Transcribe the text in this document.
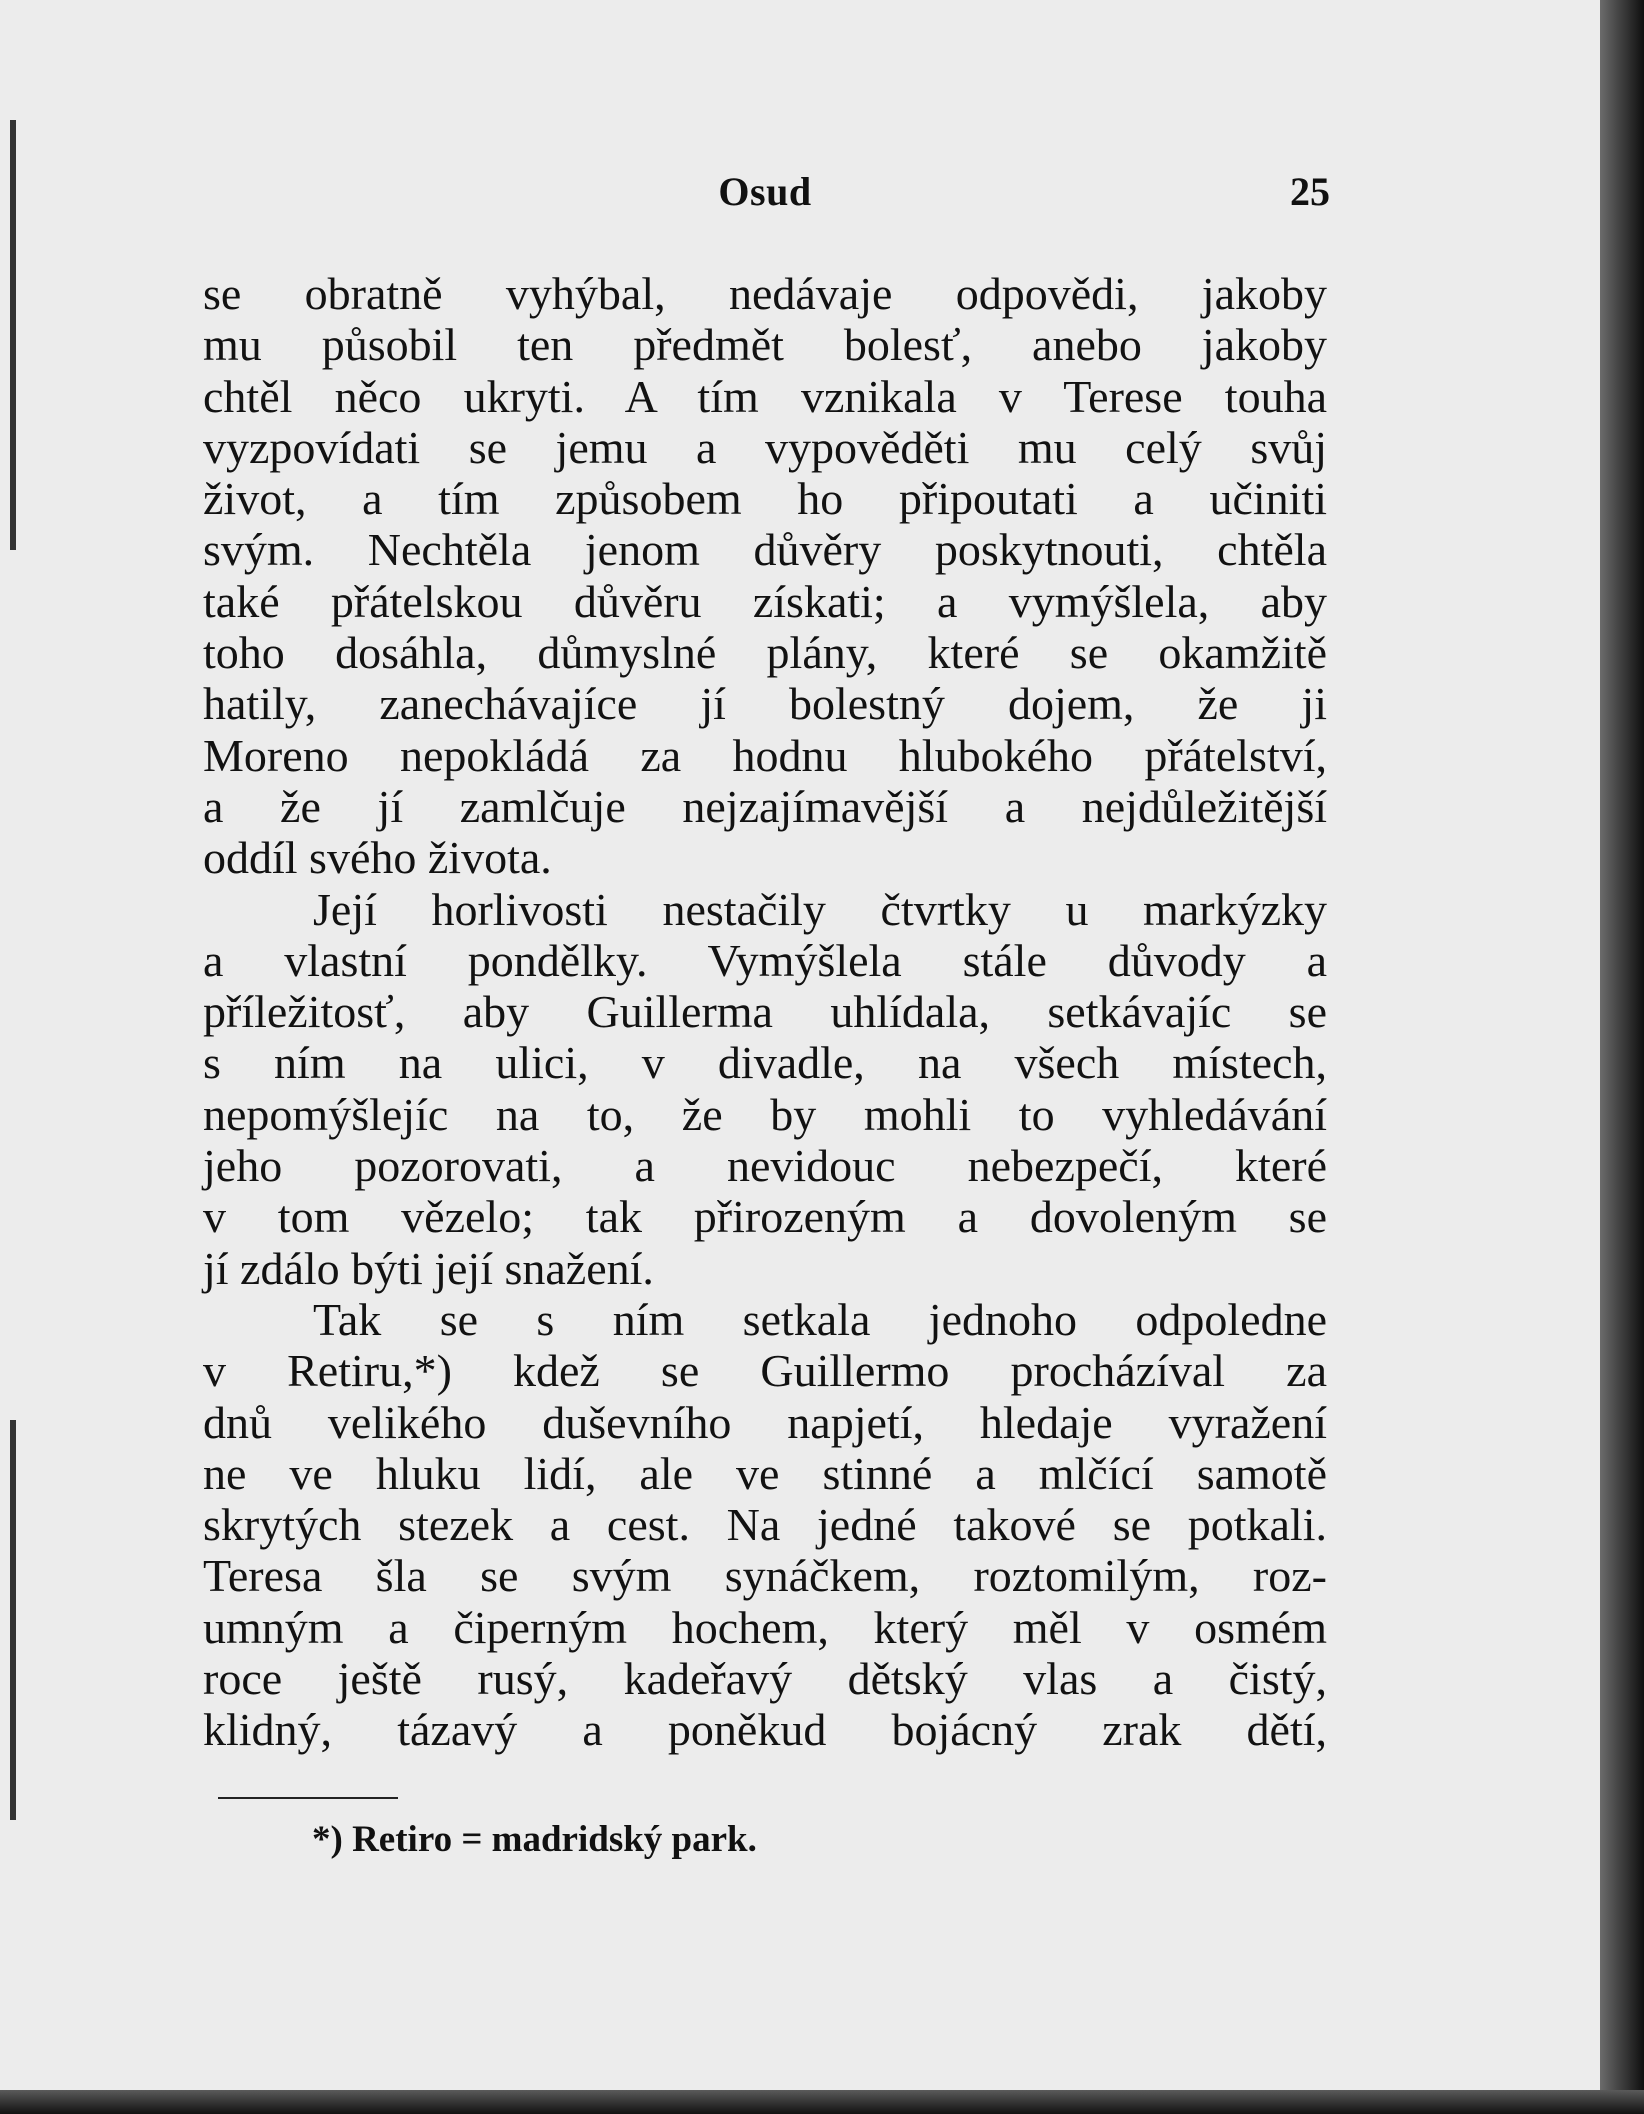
Osud	25
se obratně vyhýbal, nedávaje odpovědi, jakoby
mu působil ten předmět bolesť, anebo jakoby
chtěl něco ukryti. A tím vznikala v Terese touha
vyzpovídati se jemu a vypověděti mu celý svůj
život, a tím způsobem ho připoutati a učiniti
svým. Nechtěla jenom důvěry poskytnouti, chtěla
také přátelskou důvěru získati; a vymýšlela, aby
toho dosáhla, důmyslné plány, které se okamžitě
hatily, zanechávajíce jí bolestný dojem, že ji
Moreno nepokládá za hodnu hlubokého přátelství,
a že jí zamlčuje nejzajímavější a nejdůležitější
oddíl svého života.
Její horlivosti nestačily čtvrtky u markýzky
a vlastní pondělky. Vymýšlela stále důvody a
příležitosť, aby Guillerma uhlídala, setkávajíc se
s ním na ulici, v divadle, na všech místech,
nepomýšlejíc na to, že by mohli to vyhledávání
jeho pozorovati, a nevidouc nebezpečí, které
v tom vězelo; tak přirozeným a dovoleným se
jí zdálo býti její snažení.
Tak se s ním setkala jednoho odpoledne
v Retiru,*) kdež se Guillermo procházíval za
dnů velikého duševního napjetí, hledaje vyražení
ne ve hluku lidí, ale ve stinné a mlčící samotě
skrytých stezek a cest. Na jedné takové se potkali.
Teresa šla se svým synáčkem, roztomilým, roz-
umným a čiperným hochem, který měl v osmém
roce ještě rusý, kadeřavý dětský vlas a čistý,
klidný, tázavý a poněkud bojácný zrak dětí,
*) Retiro = madridský park.
